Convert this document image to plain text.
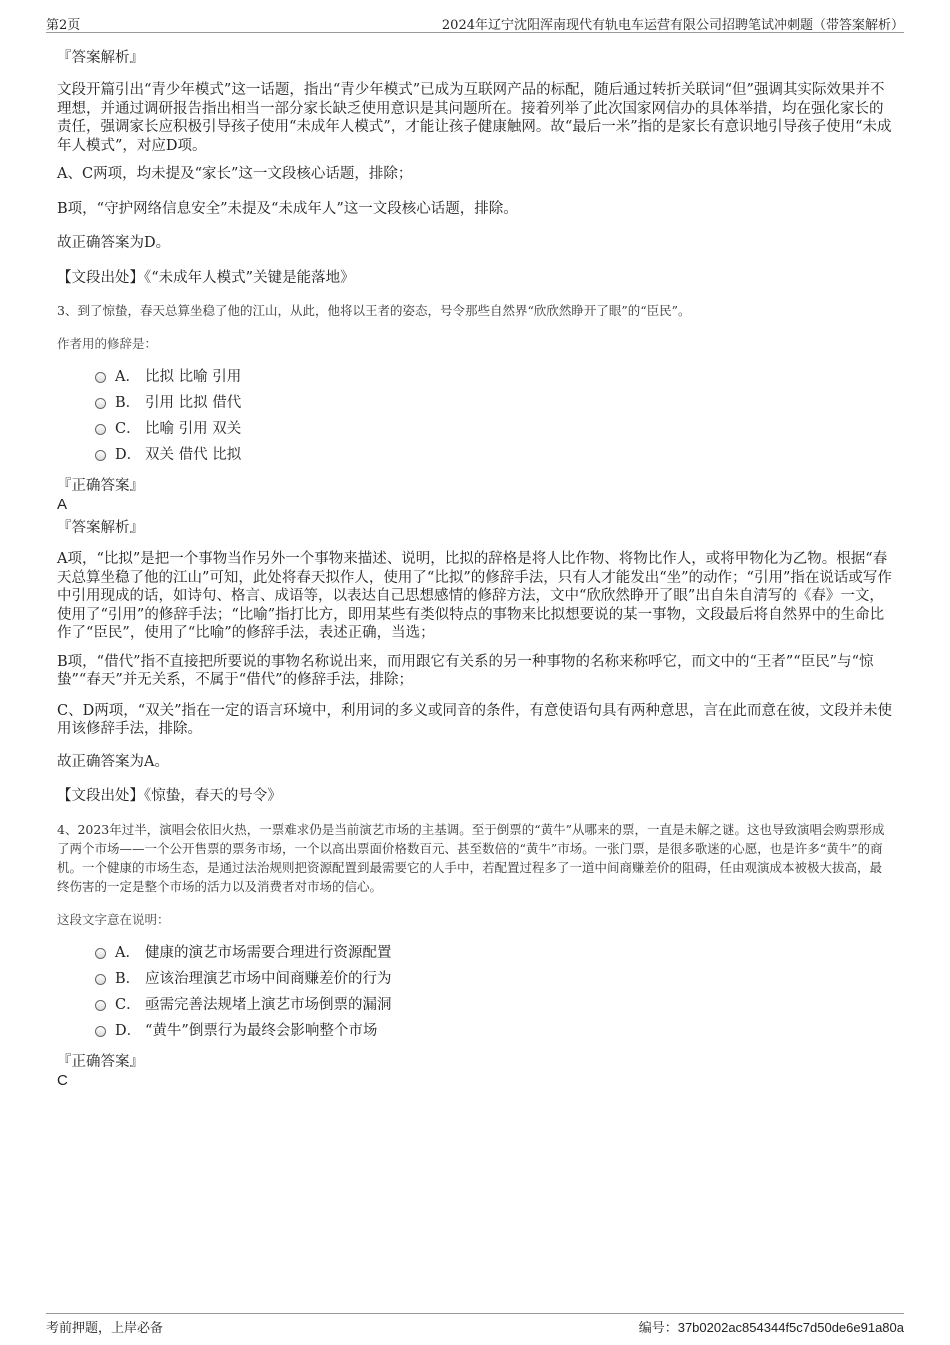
第2页	2024年辽宁沈阳浑南现代有轨电车运营有限公司招聘笔试冲刺题（带答案解析）

『答案解析』

文段开篇引出“青少年模式”这一话题，指出“青少年模式”已成为互联网产品的标配，随后通过转折关联词“但”强调其实际效果并不理想，并通过调研报告指出相当一部分家长缺乏使用意识是其问题所在。接着列举了此次国家网信办的具体举措，均在强化家长的责任，强调家长应积极引导孩子使用“未成年人模式”，才能让孩子健康触网。故“最后一米”指的是家长有意识地引导孩子使用“未成年人模式”，对应D项。

A、C两项，均未提及“家长”这一文段核心话题，排除；

B项，“守护网络信息安全”未提及“未成年人”这一文段核心话题，排除。

故正确答案为D。

【文段出处】《“未成年人模式”关键是能落地》

3、到了惊蛰，春天总算坐稳了他的江山，从此，他将以王者的姿态，号令那些自然界“欣欣然睁开了眼”的“臣民”。

作者用的修辞是：

A． 比拟 比喻 引用
B． 引用 比拟 借代
C． 比喻 引用 双关
D． 双关 借代 比拟

『正确答案』

A

『答案解析』

A项，“比拟”是把一个事物当作另外一个事物来描述、说明，比拟的辞格是将人比作物、将物比作人，或将甲物化为乙物。根据“春天总算坐稳了他的江山”可知，此处将春天拟作人，使用了“比拟”的修辞手法，只有人才能发出“坐”的动作；“引用”指在说话或写作中引用现成的话，如诗句、格言、成语等，以表达自己思想感情的修辞方法，文中“欣欣然睁开了眼”出自朱自清写的《春》一文，使用了“引用”的修辞手法；“比喻”指打比方，即用某些有类似特点的事物来比拟想要说的某一事物，文段最后将自然界中的生命比作了“臣民”，使用了“比喻”的修辞手法，表述正确，当选；

B项，“借代”指不直接把所要说的事物名称说出来，而用跟它有关系的另一种事物的名称来称呼它，而文中的“王者”“臣民”与“惊蛰”“春天”并无关系，不属于“借代”的修辞手法，排除；

C、D两项，“双关”指在一定的语言环境中，利用词的多义或同音的条件，有意使语句具有两种意思，言在此而意在彼，文段并未使用该修辞手法，排除。

故正确答案为A。

【文段出处】《惊蛰，春天的号令》

4、2023年过半，演唱会依旧火热，一票难求仍是当前演艺市场的主基调。至于倒票的“黄牛”从哪来的票，一直是未解之谜。这也导致演唱会购票形成了两个市场——一个公开售票的票务市场，一个以高出票面价格数百元、甚至数倍的“黄牛”市场。一张门票，是很多歌迷的心愿，也是许多“黄牛”的商机。一个健康的市场生态，是通过法治规则把资源配置到最需要它的人手中，若配置过程多了一道中间商赚差价的阻碍，任由观演成本被极大拔高，最终伤害的一定是整个市场的活力以及消费者对市场的信心。

这段文字意在说明：

A． 健康的演艺市场需要合理进行资源配置
B． 应该治理演艺市场中间商赚差价的行为
C． 亟需完善法规堵上演艺市场倒票的漏洞
D． “黄牛”倒票行为最终会影响整个市场

『正确答案』

C

考前押题，上岸必备	编号：37b0202ac854344f5c7d50de6e91a80a
